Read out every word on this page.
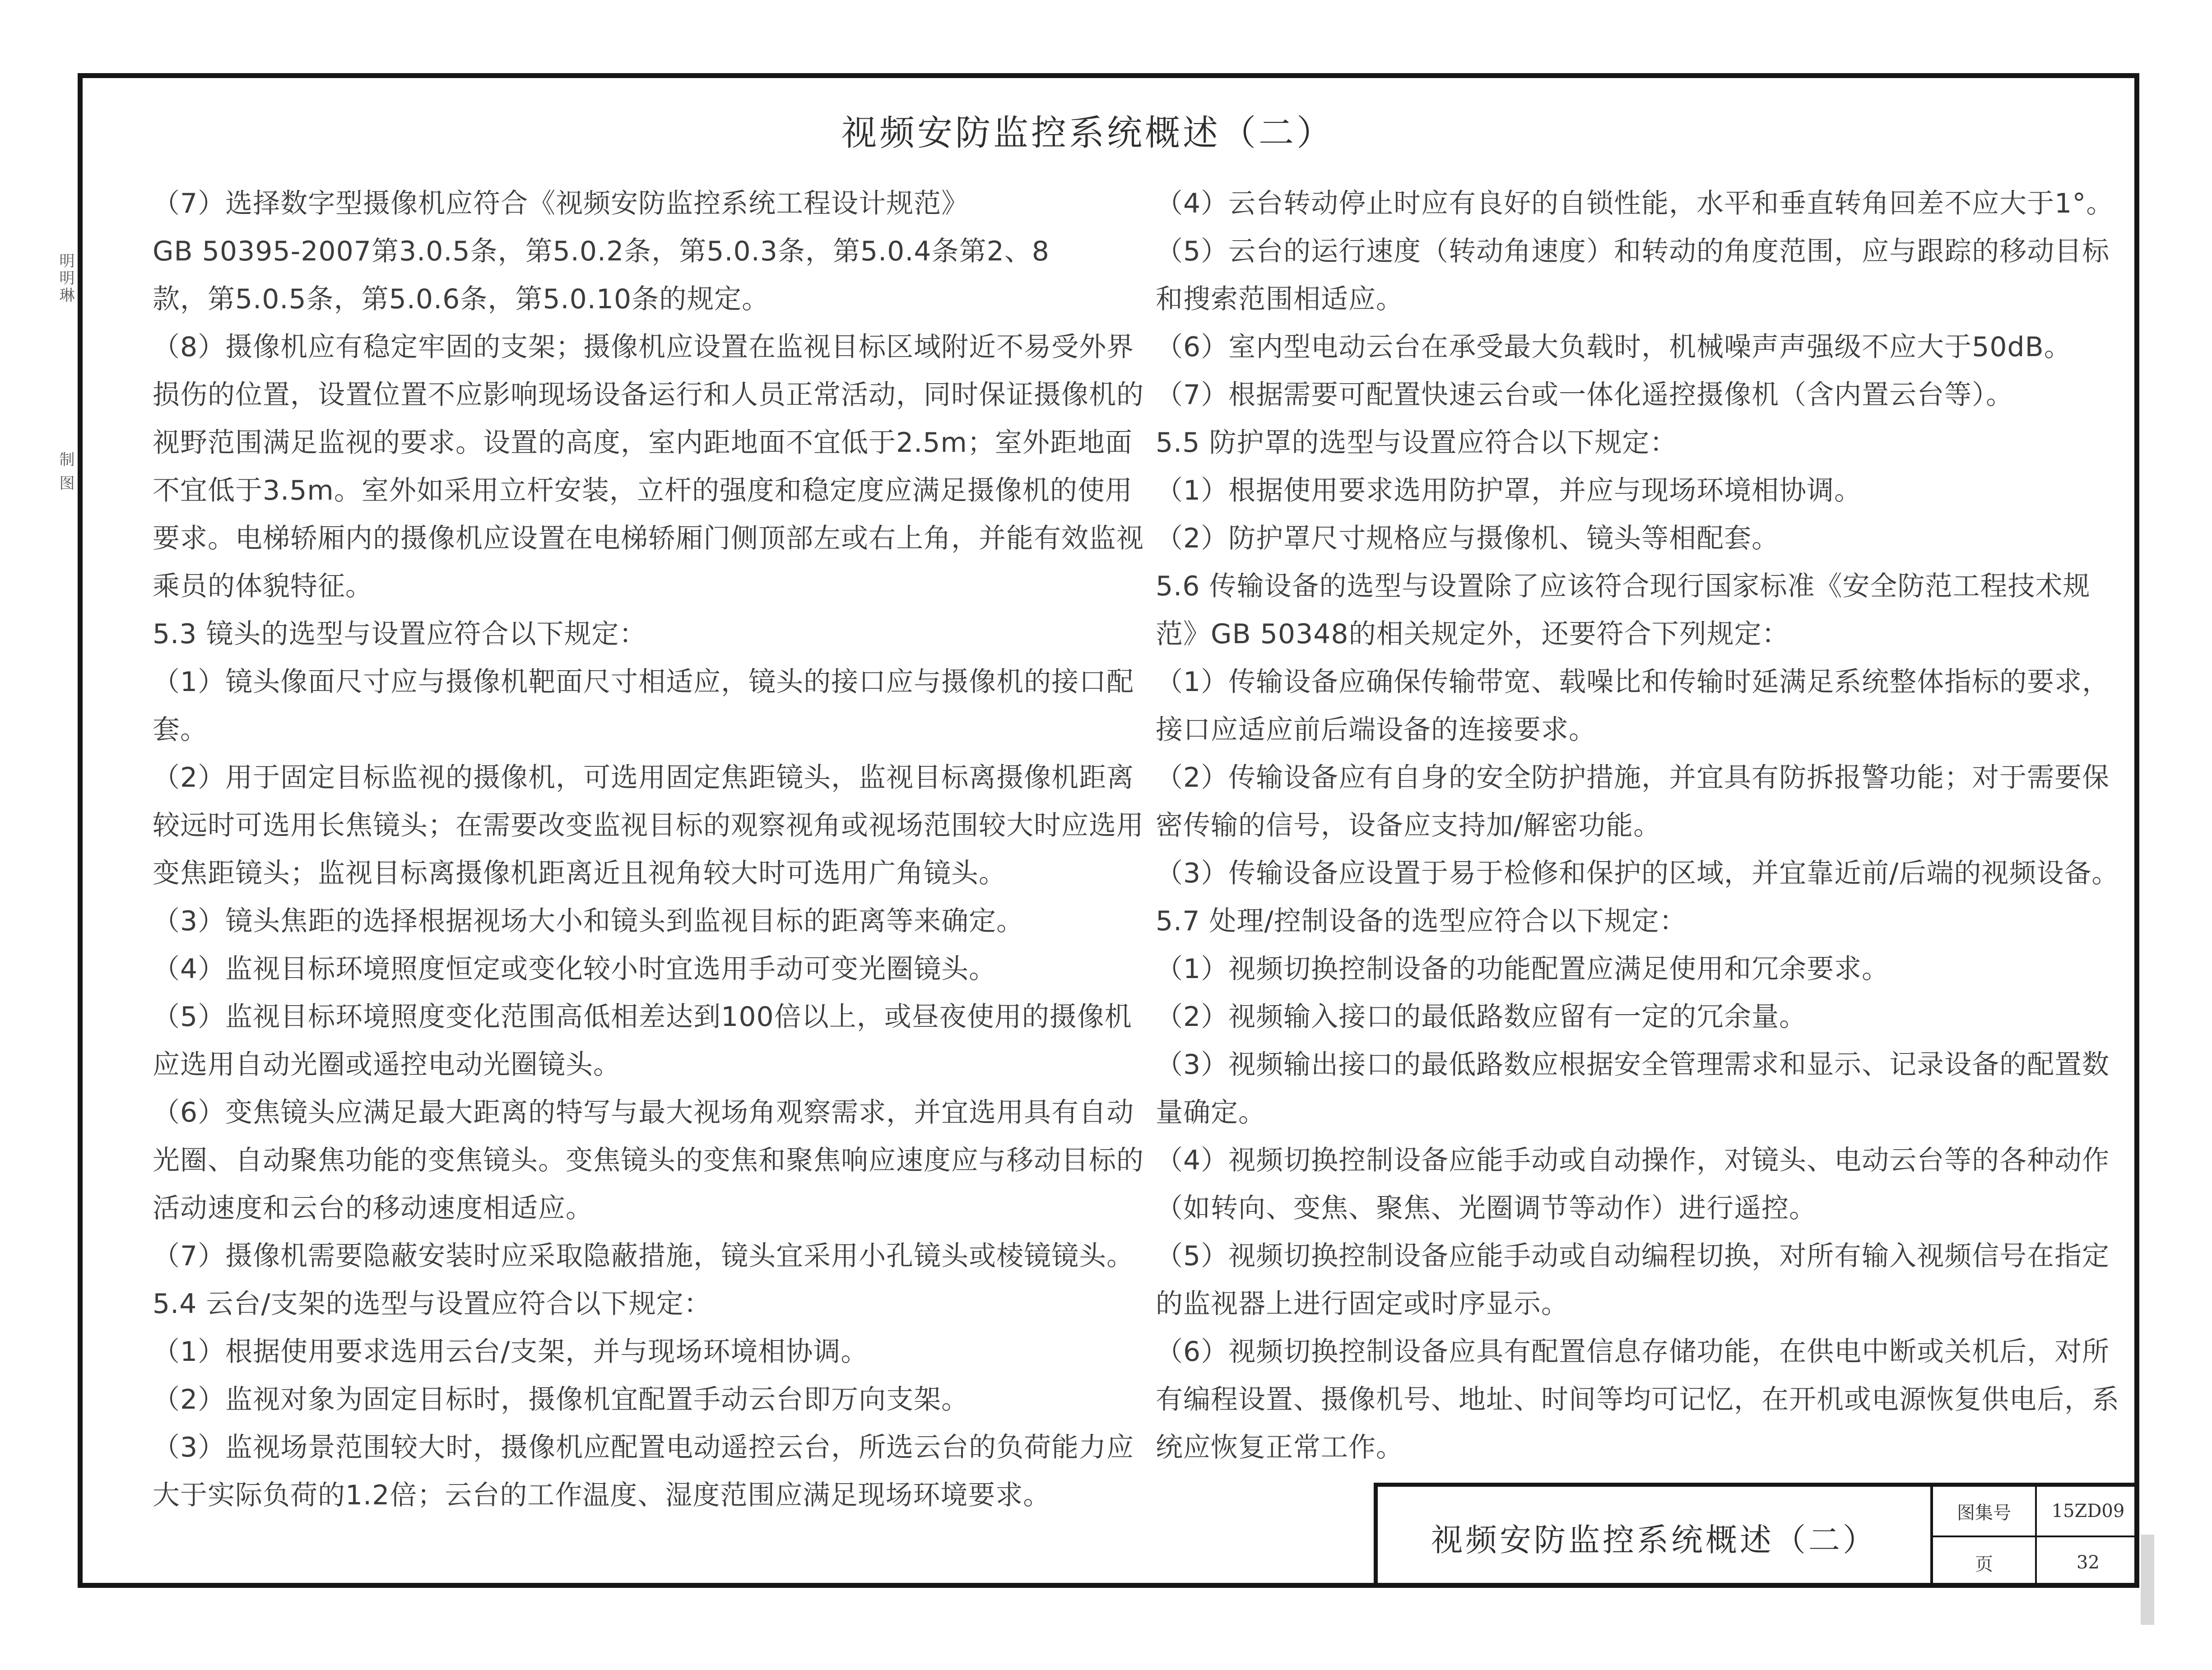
明明琳
制 图
视频安防监控系统概述（二）
（7）选择数字型摄像机应符合《视频安防监控系统工程设计规范》
GB 50395-2007第3.0.5条，第5.0.2条，第5.0.3条，第5.0.4条第2、8
款，第5.0.5条，第5.0.6条，第5.0.10条的规定。
（8）摄像机应有稳定牢固的支架；摄像机应设置在监视目标区域附近不易受外界
损伤的位置，设置位置不应影响现场设备运行和人员正常活动，同时保证摄像机的
视野范围满足监视的要求。设置的高度，室内距地面不宜低于2.5m；室外距地面
不宜低于3.5m。室外如采用立杆安装，立杆的强度和稳定度应满足摄像机的使用
要求。电梯轿厢内的摄像机应设置在电梯轿厢门侧顶部左或右上角，并能有效监视
乘员的体貌特征。
5.3 镜头的选型与设置应符合以下规定：
（1）镜头像面尺寸应与摄像机靶面尺寸相适应，镜头的接口应与摄像机的接口配
套。
（2）用于固定目标监视的摄像机，可选用固定焦距镜头，监视目标离摄像机距离
较远时可选用长焦镜头；在需要改变监视目标的观察视角或视场范围较大时应选用
变焦距镜头；监视目标离摄像机距离近且视角较大时可选用广角镜头。
（3）镜头焦距的选择根据视场大小和镜头到监视目标的距离等来确定。
（4）监视目标环境照度恒定或变化较小时宜选用手动可变光圈镜头。
（5）监视目标环境照度变化范围高低相差达到100倍以上，或昼夜使用的摄像机
应选用自动光圈或遥控电动光圈镜头。
（6）变焦镜头应满足最大距离的特写与最大视场角观察需求，并宜选用具有自动
光圈、自动聚焦功能的变焦镜头。变焦镜头的变焦和聚焦响应速度应与移动目标的
活动速度和云台的移动速度相适应。
（7）摄像机需要隐蔽安装时应采取隐蔽措施，镜头宜采用小孔镜头或棱镜镜头。
5.4 云台/支架的选型与设置应符合以下规定：
（1）根据使用要求选用云台/支架，并与现场环境相协调。
（2）监视对象为固定目标时，摄像机宜配置手动云台即万向支架。
（3）监视场景范围较大时，摄像机应配置电动遥控云台，所选云台的负荷能力应
大于实际负荷的1.2倍；云台的工作温度、湿度范围应满足现场环境要求。
（4）云台转动停止时应有良好的自锁性能，水平和垂直转角回差不应大于1°。
（5）云台的运行速度（转动角速度）和转动的角度范围，应与跟踪的移动目标
和搜索范围相适应。
（6）室内型电动云台在承受最大负载时，机械噪声声强级不应大于50dB。
（7）根据需要可配置快速云台或一体化遥控摄像机（含内置云台等）。
5.5 防护罩的选型与设置应符合以下规定：
（1）根据使用要求选用防护罩，并应与现场环境相协调。
（2）防护罩尺寸规格应与摄像机、镜头等相配套。
5.6 传输设备的选型与设置除了应该符合现行国家标准《安全防范工程技术规
范》GB 50348的相关规定外，还要符合下列规定：
（1）传输设备应确保传输带宽、载噪比和传输时延满足系统整体指标的要求，
接口应适应前后端设备的连接要求。
（2）传输设备应有自身的安全防护措施，并宜具有防拆报警功能；对于需要保
密传输的信号，设备应支持加/解密功能。
（3）传输设备应设置于易于检修和保护的区域，并宜靠近前/后端的视频设备。
5.7 处理/控制设备的选型应符合以下规定：
（1）视频切换控制设备的功能配置应满足使用和冗余要求。
（2）视频输入接口的最低路数应留有一定的冗余量。
（3）视频输出接口的最低路数应根据安全管理需求和显示、记录设备的配置数
量确定。
（4）视频切换控制设备应能手动或自动操作，对镜头、电动云台等的各种动作
（如转向、变焦、聚焦、光圈调节等动作）进行遥控。
（5）视频切换控制设备应能手动或自动编程切换，对所有输入视频信号在指定
的监视器上进行固定或时序显示。
（6）视频切换控制设备应具有配置信息存储功能，在供电中断或关机后，对所
有编程设置、摄像机号、地址、时间等均可记忆，在开机或电源恢复供电后，系
统应恢复正常工作。
视频安防监控系统概述（二）
图集号	15ZD09
页	32
